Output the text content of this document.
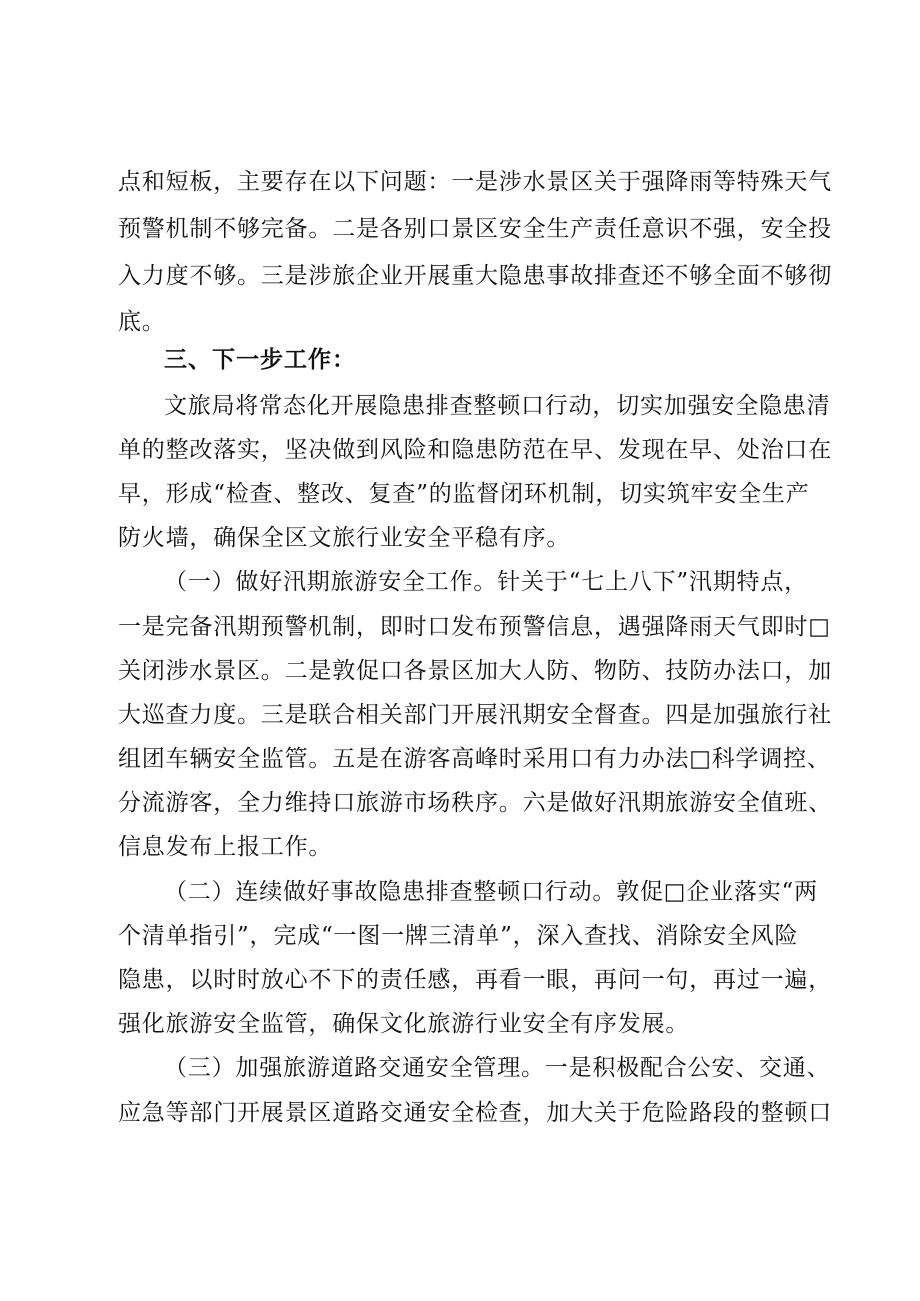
点和短板，主要存在以下问题：一是涉水景区关于强降雨等特殊天气
预警机制不够完备。二是各别口景区安全生产责任意识不强，安全投
入力度不够。三是涉旅企业开展重大隐患事故排查还不够全面不够彻
底。
三、下一步工作：
文旅局将常态化开展隐患排查整顿口行动，切实加强安全隐患清
单的整改落实，坚决做到风险和隐患防范在早、发现在早、处治口在
早，形成“检查、整改、复查”的监督闭环机制，切实筑牢安全生产
防火墙，确保全区文旅行业安全平稳有序。
（一）做好汛期旅游安全工作。针关于“七上八下”汛期特点，
一是完备汛期预警机制，即时口发布预警信息，遇强降雨天气即时□
关闭涉水景区。二是敦促口各景区加大人防、物防、技防办法口，加
大巡查力度。三是联合相关部门开展汛期安全督查。四是加强旅行社
组团车辆安全监管。五是在游客高峰时采用口有力办法□科学调控、
分流游客，全力维持口旅游市场秩序。六是做好汛期旅游安全值班、
信息发布上报工作。
（二）连续做好事故隐患排查整顿口行动。敦促□企业落实“两
个清单指引”，完成“一图一牌三清单”，深入查找、消除安全风险
隐患，以时时放心不下的责任感，再看一眼，再问一句，再过一遍，
强化旅游安全监管，确保文化旅游行业安全有序发展。
（三）加强旅游道路交通安全管理。一是积极配合公安、交通、
应急等部门开展景区道路交通安全检查，加大关于危险路段的整顿口
